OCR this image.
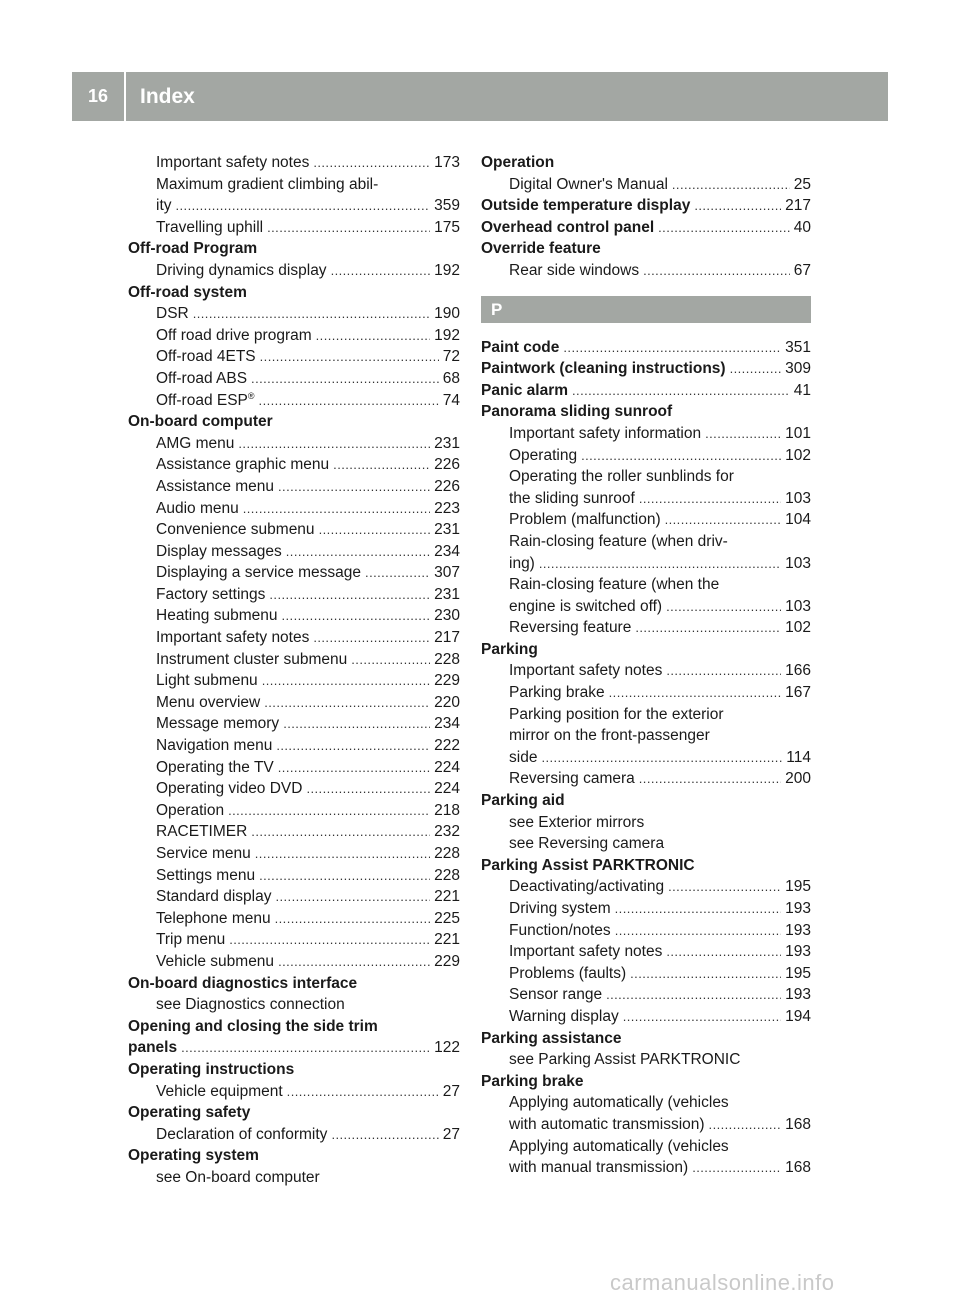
16	Index
Important safety notes . . .	173
Maximum gradient climbing abil-
ity . . .	359
Travelling uphill . . .	175
Off-road Program
Driving dynamics display . . .	192
Off-road system
DSR . . .	190
Off road drive program . . .	192
Off-road 4ETS . . .	72
Off-road ABS . . .	68
Off-road ESP® . . .	74
On-board computer
AMG menu . . .	231
Assistance graphic menu . . .	226
Assistance menu . . .	226
Audio menu . . .	223
Convenience submenu . . .	231
Display messages . . .	234
Displaying a service message . . .	307
Factory settings . . .	231
Heating submenu . . .	230
Important safety notes . . .	217
Instrument cluster submenu . . .	228
Light submenu . . .	229
Menu overview . . .	220
Message memory . . .	234
Navigation menu . . .	222
Operating the TV . . .	224
Operating video DVD . . .	224
Operation . . .	218
RACETIMER . . .	232
Service menu . . .	228
Settings menu . . .	228
Standard display . . .	221
Telephone menu . . .	225
Trip menu . . .	221
Vehicle submenu . . .	229
On-board diagnostics interface
see Diagnostics connection
Opening and closing the side trim
panels . . .	122
Operating instructions
Vehicle equipment . . .	27
Operating safety
Declaration of conformity . . .	27
Operating system
see On-board computer
Operation
Digital Owner's Manual . . .	25
Outside temperature display . . .	217
Overhead control panel . . .	40
Override feature
Rear side windows . . .	67
P
Paint code . . .	351
Paintwork (cleaning instructions) . . .	309
Panic alarm . . .	41
Panorama sliding sunroof
Important safety information . . .	101
Operating . . .	102
Operating the roller sunblinds for
the sliding sunroof . . .	103
Problem (malfunction) . . .	104
Rain-closing feature (when driv-
ing) . . .	103
Rain-closing feature (when the
engine is switched off) . . .	103
Reversing feature . . .	102
Parking
Important safety notes . . .	166
Parking brake . . .	167
Parking position for the exterior
mirror on the front-passenger
side . . .	114
Reversing camera . . .	200
Parking aid
see Exterior mirrors
see Reversing camera
Parking Assist PARKTRONIC
Deactivating/activating . . .	195
Driving system . . .	193
Function/notes . . .	193
Important safety notes . . .	193
Problems (faults) . . .	195
Sensor range . . .	193
Warning display . . .	194
Parking assistance
see Parking Assist PARKTRONIC
Parking brake
Applying automatically (vehicles
with automatic transmission) . . .	168
Applying automatically (vehicles
with manual transmission) . . .	168
carmanualsonline.info
